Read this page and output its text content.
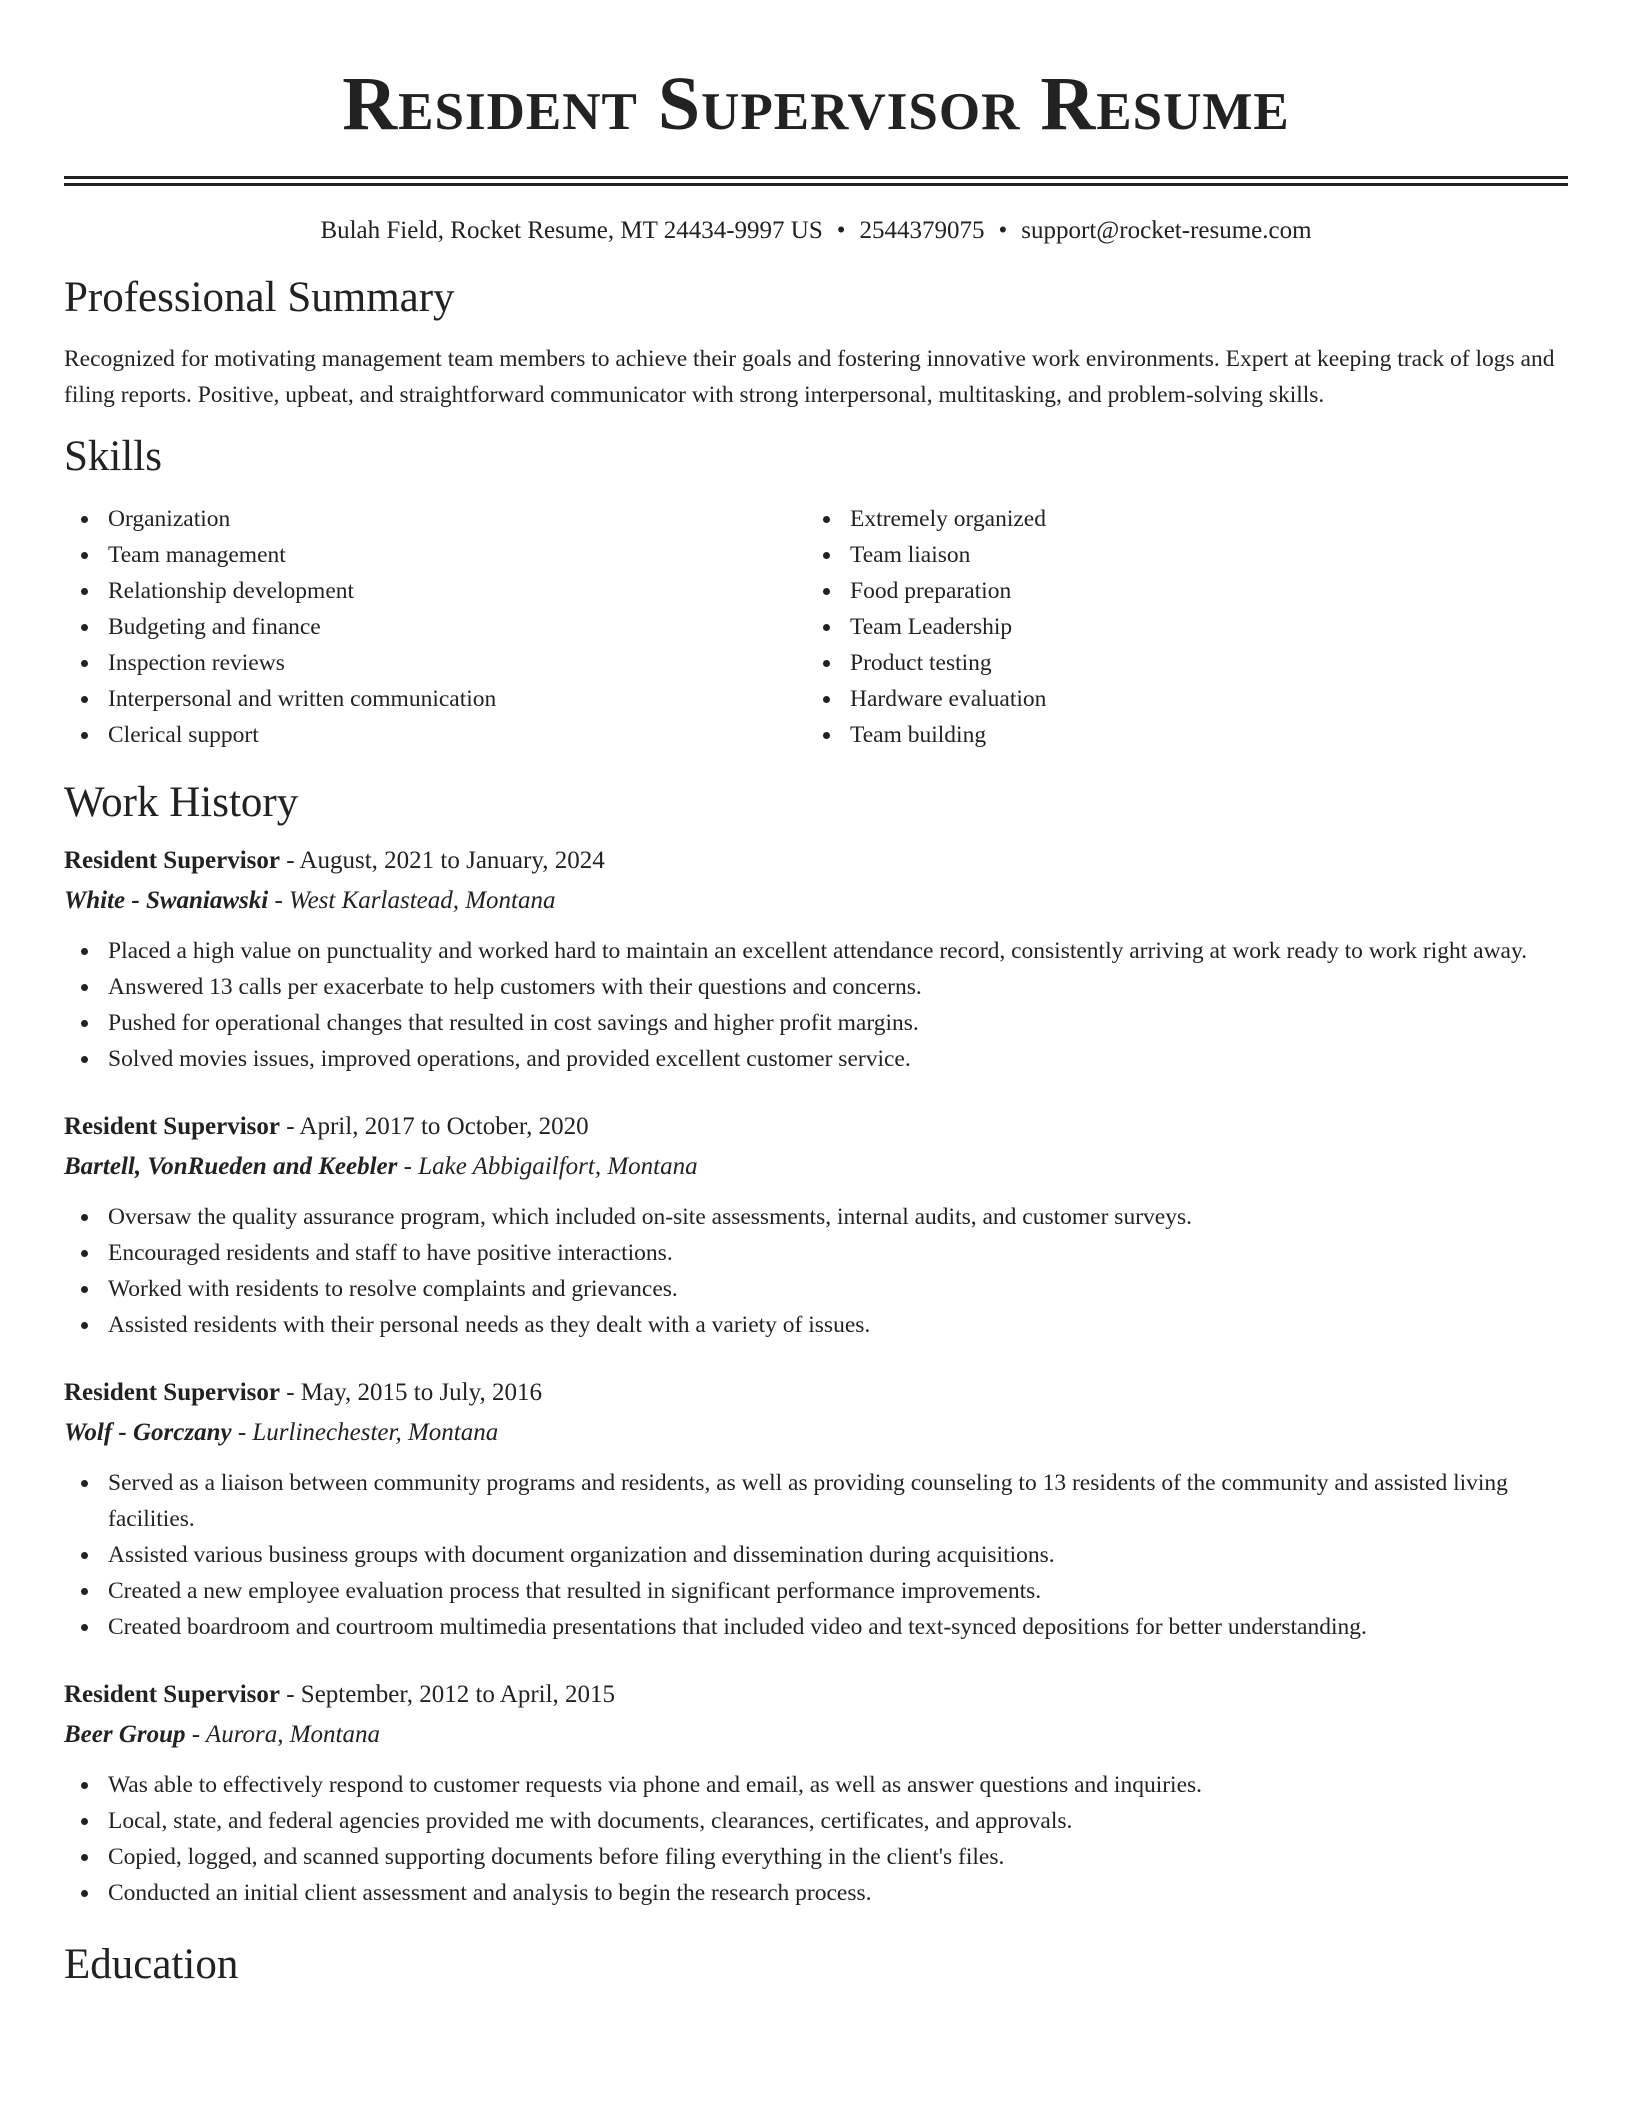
Resident Supervisor Resume
Bulah Field, Rocket Resume, MT 24434-9997 US • 2544379075 • support@rocket-resume.com
Professional Summary
Recognized for motivating management team members to achieve their goals and fostering innovative work environments. Expert at keeping track of logs and filing reports. Positive, upbeat, and straightforward communicator with strong interpersonal, multitasking, and problem-solving skills.
Skills
Organization
Team management
Relationship development
Budgeting and finance
Inspection reviews
Interpersonal and written communication
Clerical support
Extremely organized
Team liaison
Food preparation
Team Leadership
Product testing
Hardware evaluation
Team building
Work History
Resident Supervisor - August, 2021 to January, 2024
White - Swaniawski - West Karlastead, Montana
Placed a high value on punctuality and worked hard to maintain an excellent attendance record, consistently arriving at work ready to work right away.
Answered 13 calls per exacerbate to help customers with their questions and concerns.
Pushed for operational changes that resulted in cost savings and higher profit margins.
Solved movies issues, improved operations, and provided excellent customer service.
Resident Supervisor - April, 2017 to October, 2020
Bartell, VonRueden and Keebler - Lake Abbigailfort, Montana
Oversaw the quality assurance program, which included on-site assessments, internal audits, and customer surveys.
Encouraged residents and staff to have positive interactions.
Worked with residents to resolve complaints and grievances.
Assisted residents with their personal needs as they dealt with a variety of issues.
Resident Supervisor - May, 2015 to July, 2016
Wolf - Gorczany - Lurlinechester, Montana
Served as a liaison between community programs and residents, as well as providing counseling to 13 residents of the community and assisted living facilities.
Assisted various business groups with document organization and dissemination during acquisitions.
Created a new employee evaluation process that resulted in significant performance improvements.
Created boardroom and courtroom multimedia presentations that included video and text-synced depositions for better understanding.
Resident Supervisor - September, 2012 to April, 2015
Beer Group - Aurora, Montana
Was able to effectively respond to customer requests via phone and email, as well as answer questions and inquiries.
Local, state, and federal agencies provided me with documents, clearances, certificates, and approvals.
Copied, logged, and scanned supporting documents before filing everything in the client's files.
Conducted an initial client assessment and analysis to begin the research process.
Education
